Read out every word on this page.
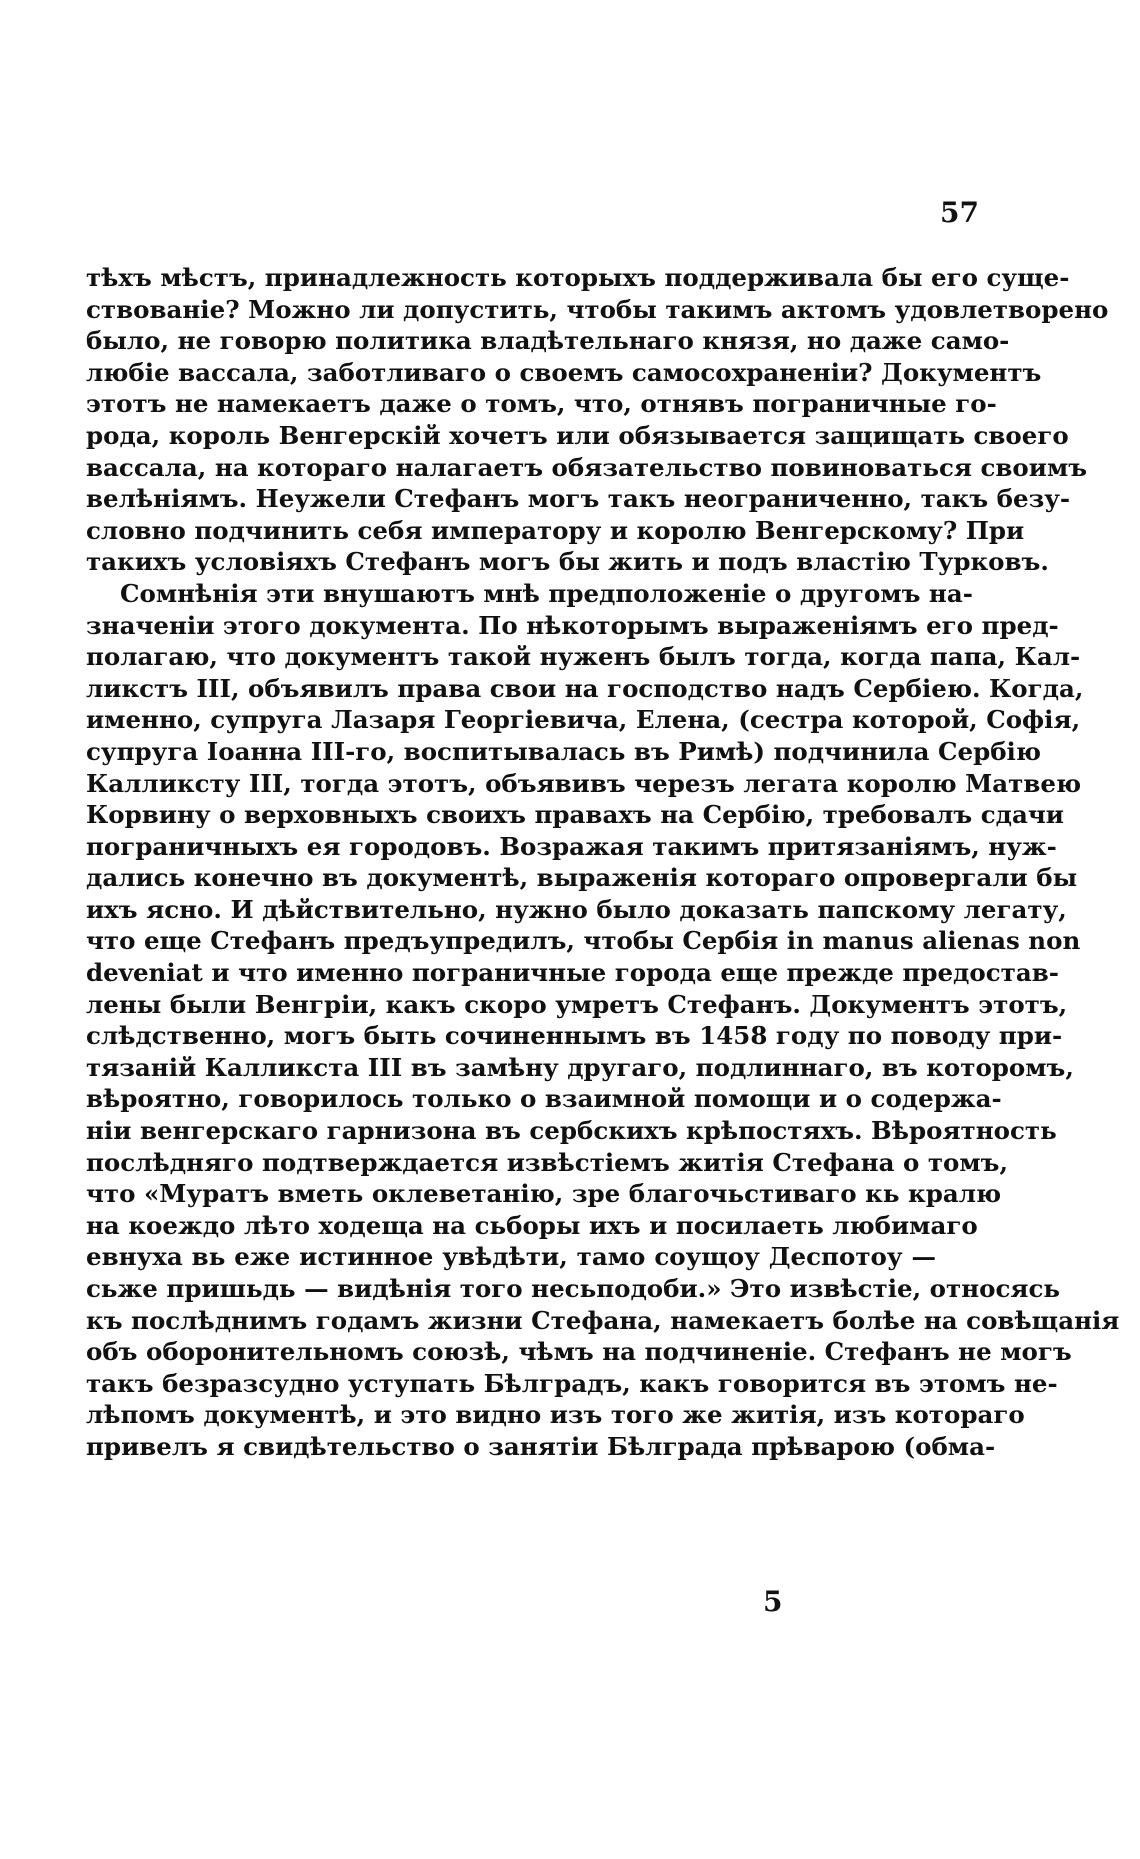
57
тѣхъ мѣстъ, принадлежность которыхъ поддерживала бы его суще-
ствованіе? Можно ли допустить, чтобы такимъ актомъ удовлетворено
было, не говорю политика владѣтельнаго князя, но даже само-
любіе вассала, заботливаго о своемъ самосохраненіи? Документъ
этотъ не намекаетъ даже о томъ, что, отнявъ пограничные го-
рода, король Венгерскій хочетъ или обязывается защищать своего
вассала, на котораго налагаетъ обязательство повиноваться своимъ
велѣніямъ. Неужели Стефанъ могъ такъ неограниченно, такъ безу-
словно подчинить себя императору и королю Венгерскому? При
такихъ условіяхъ Стефанъ могъ бы жить и подъ властію Турковъ.
Сомнѣнія эти внушаютъ мнѣ предположеніе о другомъ на-
значеніи этого документа. По нѣкоторымъ выраженіямъ его пред-
полагаю, что документъ такой нуженъ былъ тогда, когда папа, Кал-
ликстъ III, объявилъ права свои на господство надъ Сербіею. Когда,
именно, супруга Лазаря Георгіевича, Елена, (сестра которой, Софія,
супруга Іоанна III-го, воспитывалась въ Римѣ) подчинила Сербію
Калликсту III, тогда этотъ, объявивъ черезъ легата королю Матвею
Корвину о верховныхъ своихъ правахъ на Сербію, требовалъ сдачи
пограничныхъ ея городовъ. Возражая такимъ притязаніямъ, нуж-
дались конечно въ документѣ, выраженія котораго опровергали бы
ихъ ясно. И дѣйствительно, нужно было доказать папскому легату,
что еще Стефанъ предъупредилъ, чтобы Сербія in manus alienas non
deveniat и что именно пограничные города еще прежде предостав-
лены были Венгріи, какъ скоро умретъ Стефанъ. Документъ этотъ,
слѣдственно, могъ быть сочиненнымъ въ 1458 году по поводу при-
тязаній Калликста III въ замѣну другаго, подлиннаго, въ которомъ,
вѣроятно, говорилось только о взаимной помощи и о содержа-
ніи венгерскаго гарнизона въ сербскихъ крѣпостяхъ. Вѣроятность
послѣдняго подтверждается извѣстіемъ житія Стефана о томъ,
что «Муратъ вметь оклеветанію, зре благочьстиваго кь кралю
на коеждо лѣто ходеща на сьборы ихъ и посилаеть любимаго
евнуха вь еже истинное увѣдѣти, тамо соущоу Деспотоу —
сьже пришьдь — видѣнія того несьподоби.» Это извѣстіе, относясь
къ послѣднимъ годамъ жизни Стефана, намекаетъ болѣе на совѣщанія
объ оборонительномъ союзѣ, чѣмъ на подчиненіе. Стефанъ не могъ
такъ безразсудно уступать Бѣлградъ, какъ говорится въ этомъ не-
лѣпомъ документѣ, и это видно изъ того же житія, изъ котораго
привелъ я свидѣтельство о занятіи Бѣлграда прѣварою (обма-
5
